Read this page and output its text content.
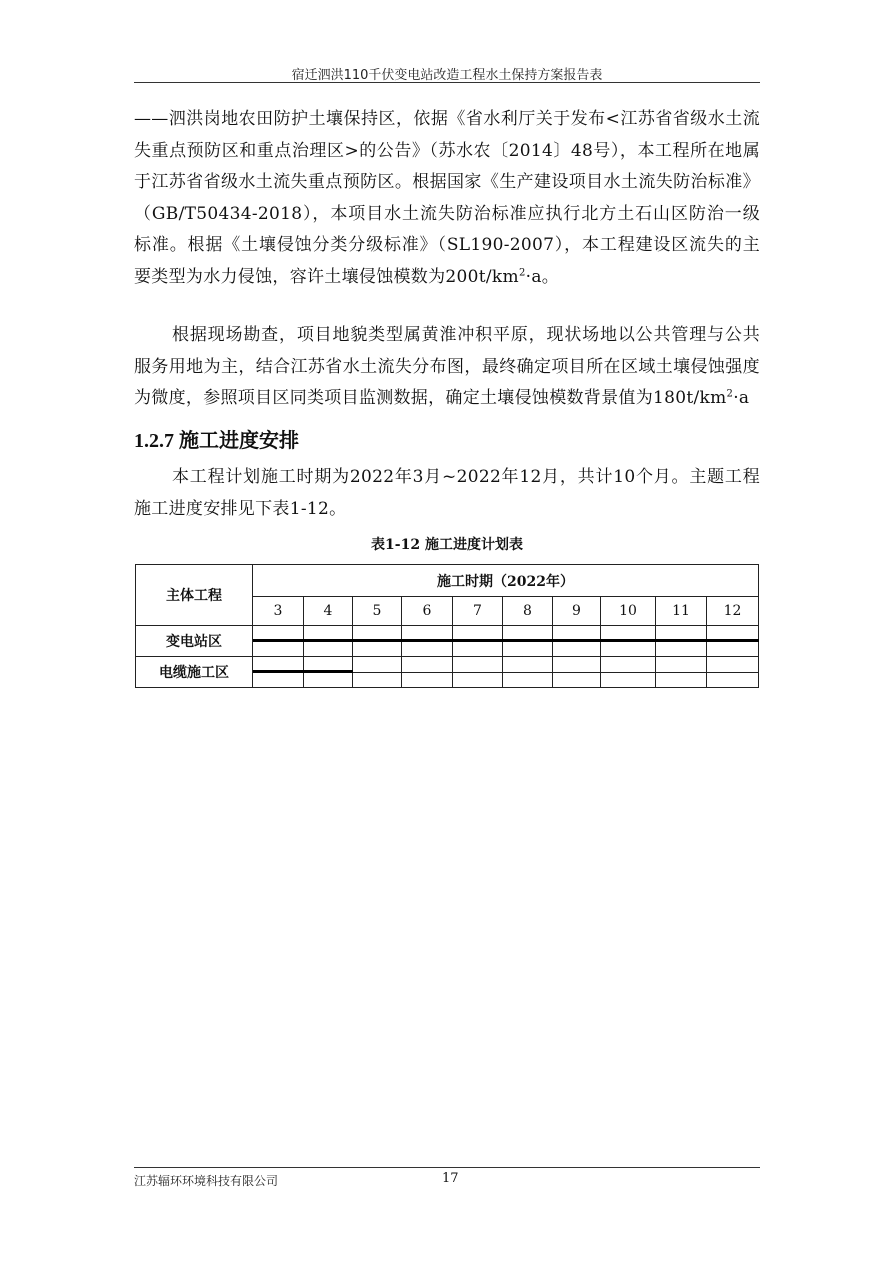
宿迁泗洪110千伏变电站改造工程水土保持方案报告表

——泗洪岗地农田防护土壤保持区，依据《省水利厅关于发布<江苏省省级水土流失重点预防区和重点治理区>的公告》（苏水农〔2014〕48号），本工程所在地属于江苏省省级水土流失重点预防区。根据国家《生产建设项目水土流失防治标准》（GB/T50434-2018），本项目水土流失防治标准应执行北方土石山区防治一级标准。根据《土壤侵蚀分类分级标准》（SL190-2007），本工程建设区流失的主要类型为水力侵蚀，容许土壤侵蚀模数为$200t/km^2\cdot a$。

根据现场勘查，项目地貌类型属黄淮冲积平原，现状场地以公共管理与公共服务用地为主，结合江苏省水土流失分布图，最终确定项目所在区域土壤侵蚀强度为微度，参照项目区同类项目监测数据，确定土壤侵蚀模数背景值为$180t/km^2\cdot a$

1.2.7 施工进度安排

本工程计划施工时期为2022年3月~2022年12月，共计10个月。主题工程施工进度安排见下表1-12。

表1-12 施工进度计划表
主体工程	施工时期（2022年）									
	3	4	5	6	7	8	9	10	11	12
变电站区										

电缆施工区										

江苏辐环环境科技有限公司	17
